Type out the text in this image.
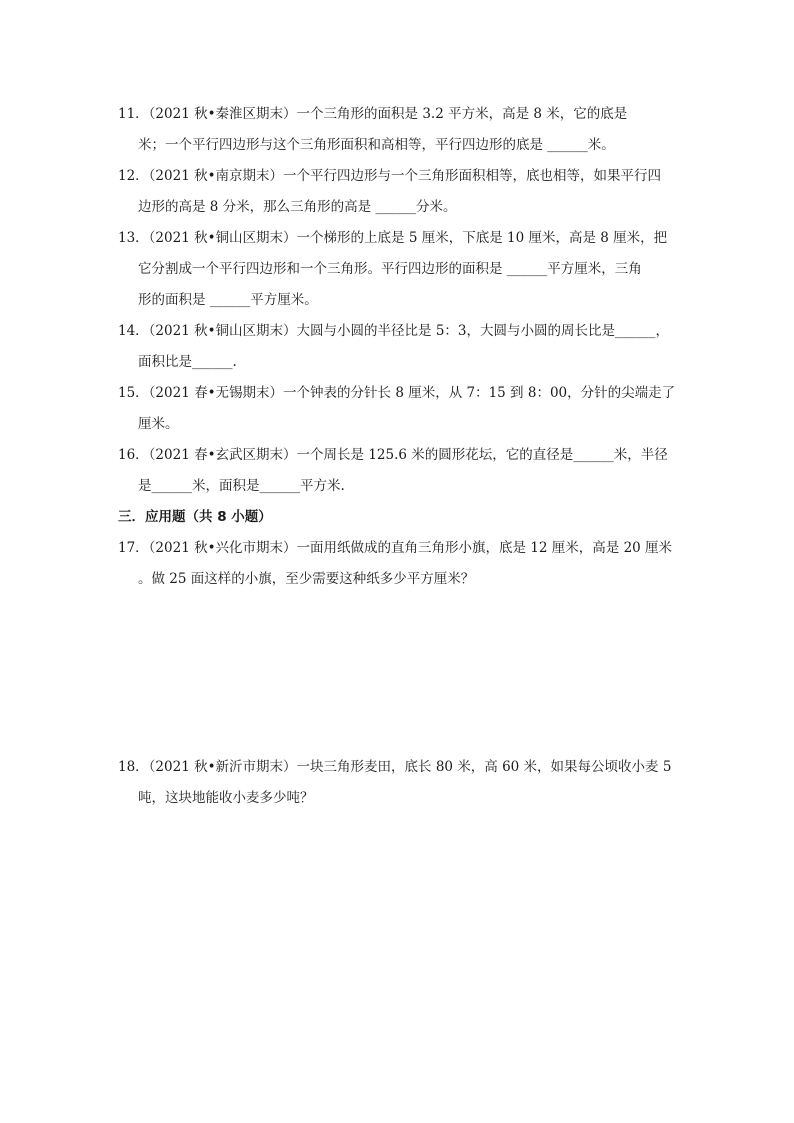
11．（2021 秋•秦淮区期末）一个三角形的面积是 3.2 平方米，高是 8 米，它的底是
米；一个平行四边形与这个三角形面积和高相等，平行四边形的底是 ______米。
12．（2021 秋•南京期末）一个平行四边形与一个三角形面积相等，底也相等，如果平行四
边形的高是 8 分米，那么三角形的高是 ______分米。
13．（2021 秋•铜山区期末）一个梯形的上底是 5 厘米，下底是 10 厘米，高是 8 厘米，把
它分割成一个平行四边形和一个三角形。平行四边形的面积是 ______平方厘米，三角
形的面积是 ______平方厘米。
14．（2021 秋•铜山区期末）大圆与小圆的半径比是 5：3，大圆与小圆的周长比是______，
面积比是______.
15．（2021 春•无锡期末）一个钟表的分针长 8 厘米，从 7：15 到 8：00，分针的尖端走了
厘米。
16．（2021 春•玄武区期末）一个周长是 125.6 米的圆形花坛，它的直径是______米，半径
是______米，面积是______平方米.
三．应用题（共 8 小题）
17．（2021 秋•兴化市期末）一面用纸做成的直角三角形小旗，底是 12 厘米，高是 20 厘米
。做 25 面这样的小旗，至少需要这种纸多少平方厘米？
18．（2021 秋•新沂市期末）一块三角形麦田，底长 80 米，高 60 米，如果每公顷收小麦 5
吨，这块地能收小麦多少吨？
